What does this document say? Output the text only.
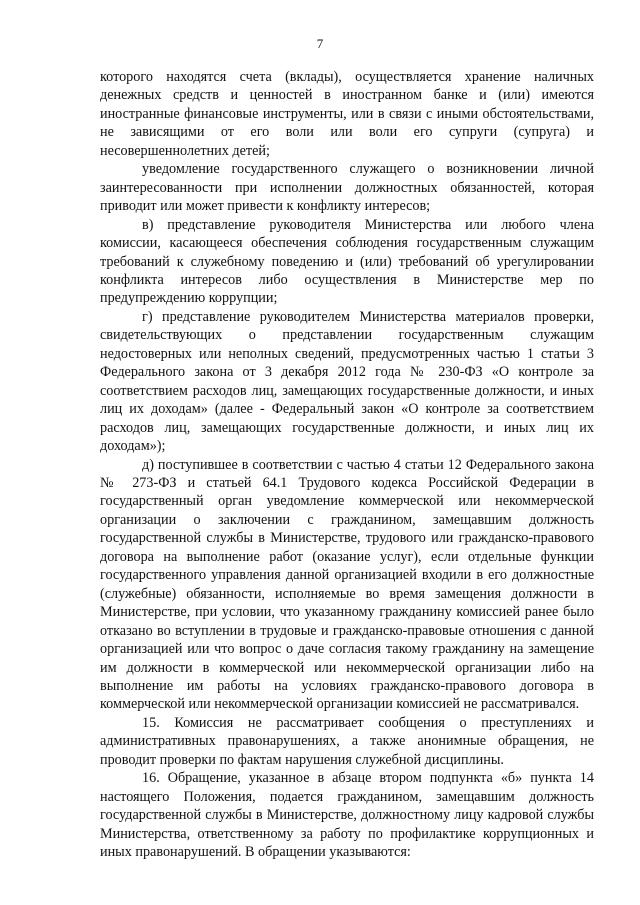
7

которого находятся счета (вклады), осуществляется хранение наличных денежных средств и ценностей в иностранном банке и (или) имеются иностранные финансовые инструменты, или в связи с иными обстоятельствами, не зависящими от его воли или воли его супруги (супруга) и несовершеннолетних детей;

уведомление государственного служащего о возникновении личной заинтересованности при исполнении должностных обязанностей, которая приводит или может привести к конфликту интересов;

в) представление руководителя Министерства или любого члена комиссии, касающееся обеспечения соблюдения государственным служащим требований к служебному поведению и (или) требований об урегулировании конфликта интересов либо осуществления в Министерстве мер по предупреждению коррупции;

г) представление руководителем Министерства материалов проверки, свидетельствующих о представлении государственным служащим недостоверных или неполных сведений, предусмотренных частью 1 статьи 3 Федерального закона от 3 декабря 2012 года № 230-ФЗ «О контроле за соответствием расходов лиц, замещающих государственные должности, и иных лиц их доходам» (далее - Федеральный закон «О контроле за соответствием расходов лиц, замещающих государственные должности, и иных лиц их доходам»);

д) поступившее в соответствии с частью 4 статьи 12 Федерального закона № 273-ФЗ и статьей 64.1 Трудового кодекса Российской Федерации в государственный орган уведомление коммерческой или некоммерческой организации о заключении с гражданином, замещавшим должность государственной службы в Министерстве, трудового или гражданско-правового договора на выполнение работ (оказание услуг), если отдельные функции государственного управления данной организацией входили в его должностные (служебные) обязанности, исполняемые во время замещения должности в Министерстве, при условии, что указанному гражданину комиссией ранее было отказано во вступлении в трудовые и гражданско-правовые отношения с данной организацией или что вопрос о даче согласия такому гражданину на замещение им должности в коммерческой или некоммерческой организации либо на выполнение им работы на условиях гражданско-правового договора в коммерческой или некоммерческой организации комиссией не рассматривался.

15. Комиссия не рассматривает сообщения о преступлениях и административных правонарушениях, а также анонимные обращения, не проводит проверки по фактам нарушения служебной дисциплины.

16. Обращение, указанное в абзаце втором подпункта «б» пункта 14 настоящего Положения, подается гражданином, замещавшим должность государственной службы в Министерстве, должностному лицу кадровой службы Министерства, ответственному за работу по профилактике коррупционных и иных правонарушений. В обращении указываются:
